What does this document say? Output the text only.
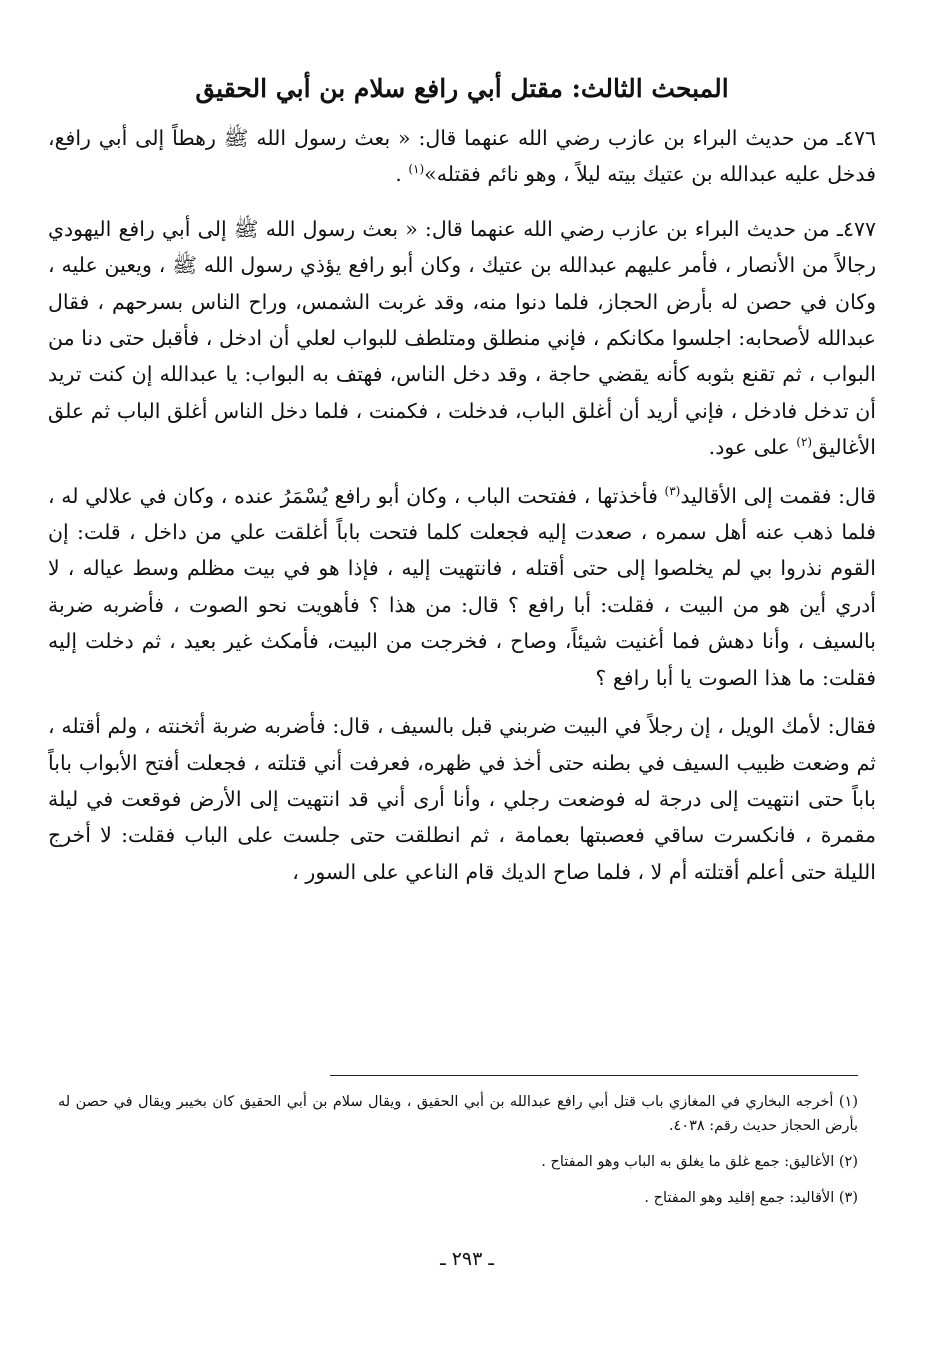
المبحث الثالث: مقتل أبي رافع سلام بن أبي الحقيق

٤٧٦ـ من حديث البراء بن عازب رضي الله عنهما قال: « بعث رسول الله ﷺ رهطاً إلى أبي رافع، فدخل عليه عبدالله بن عتيك بيته ليلاً ، وهو نائم فقتله»$^{(١)}$ .

٤٧٧ـ من حديث البراء بن عازب رضي الله عنهما قال: « بعث رسول الله ﷺ إلى أبي رافع اليهودي رجالاً من الأنصار ، فأمر عليهم عبدالله بن عتيك ، وكان أبو رافع يؤذي رسول الله ﷺ ، ويعين عليه ، وكان في حصن له بأرض الحجاز، فلما دنوا منه، وقد غربت الشمس، وراح الناس بسرحهم ، فقال عبدالله لأصحابه: اجلسوا مكانكم ، فإني منطلق ومتلطف للبواب لعلي أن ادخل ، فأقبل حتى دنا من البواب ، ثم تقنع بثوبه كأنه يقضي حاجة ، وقد دخل الناس، فهتف به البواب: يا عبدالله إن كنت تريد أن تدخل فادخل ، فإني أريد أن أغلق الباب، فدخلت ، فكمنت ، فلما دخل الناس أغلق الباب ثم علق الأغاليق$^{(٢)}$ على عود.

قال: فقمت إلى الأقاليد$^{(٣)}$ فأخذتها ، ففتحت الباب ، وكان أبو رافع يُسْمَرُ عنده ، وكان في علالي له ، فلما ذهب عنه أهل سمره ، صعدت إليه فجعلت كلما فتحت باباً أغلقت علي من داخل ، قلت: إن القوم نذروا بي لم يخلصوا إلى حتى أقتله ، فانتهيت إليه ، فإذا هو في بيت مظلم وسط عياله ، لا أدري أين هو من البيت ، فقلت: أبا رافع ؟ قال: من هذا ؟ فأهويت نحو الصوت ، فأضربه ضربة بالسيف ، وأنا دهش فما أغنيت شيئاً، وصاح ، فخرجت من البيت، فأمكث غير بعيد ، ثم دخلت إليه فقلت: ما هذا الصوت يا أبا رافع ؟

فقال: لأمك الويل ، إن رجلاً في البيت ضربني قبل بالسيف ، قال: فأضربه ضربة أثخنته ، ولم أقتله ، ثم وضعت ظبيب السيف في بطنه حتى أخذ في ظهره، فعرفت أني قتلته ، فجعلت أفتح الأبواب باباً باباً حتى انتهيت إلى درجة له فوضعت رجلي ، وأنا أرى أني قد انتهيت إلى الأرض فوقعت في ليلة مقمرة ، فانكسرت ساقي فعصبتها بعمامة ، ثم انطلقت حتى جلست على الباب فقلت: لا أخرج الليلة حتى أعلم أقتلته أم لا ، فلما صاح الديك قام الناعي على السور ،

(١) أخرجه البخاري في المغازي باب قتل أبي رافع عبدالله بن أبي الحقيق ، ويقال سلام بن أبي الحقيق كان بخيبر ويقال في حصن له بأرض الحجاز حديث رقم: ٤٠٣٨.

(٢) الأغاليق: جمع غلق ما يغلق به الباب وهو المفتاح .

(٣) الأقاليد: جمع إقليد وهو المفتاح .

ـ ٢٩٣ ـ
